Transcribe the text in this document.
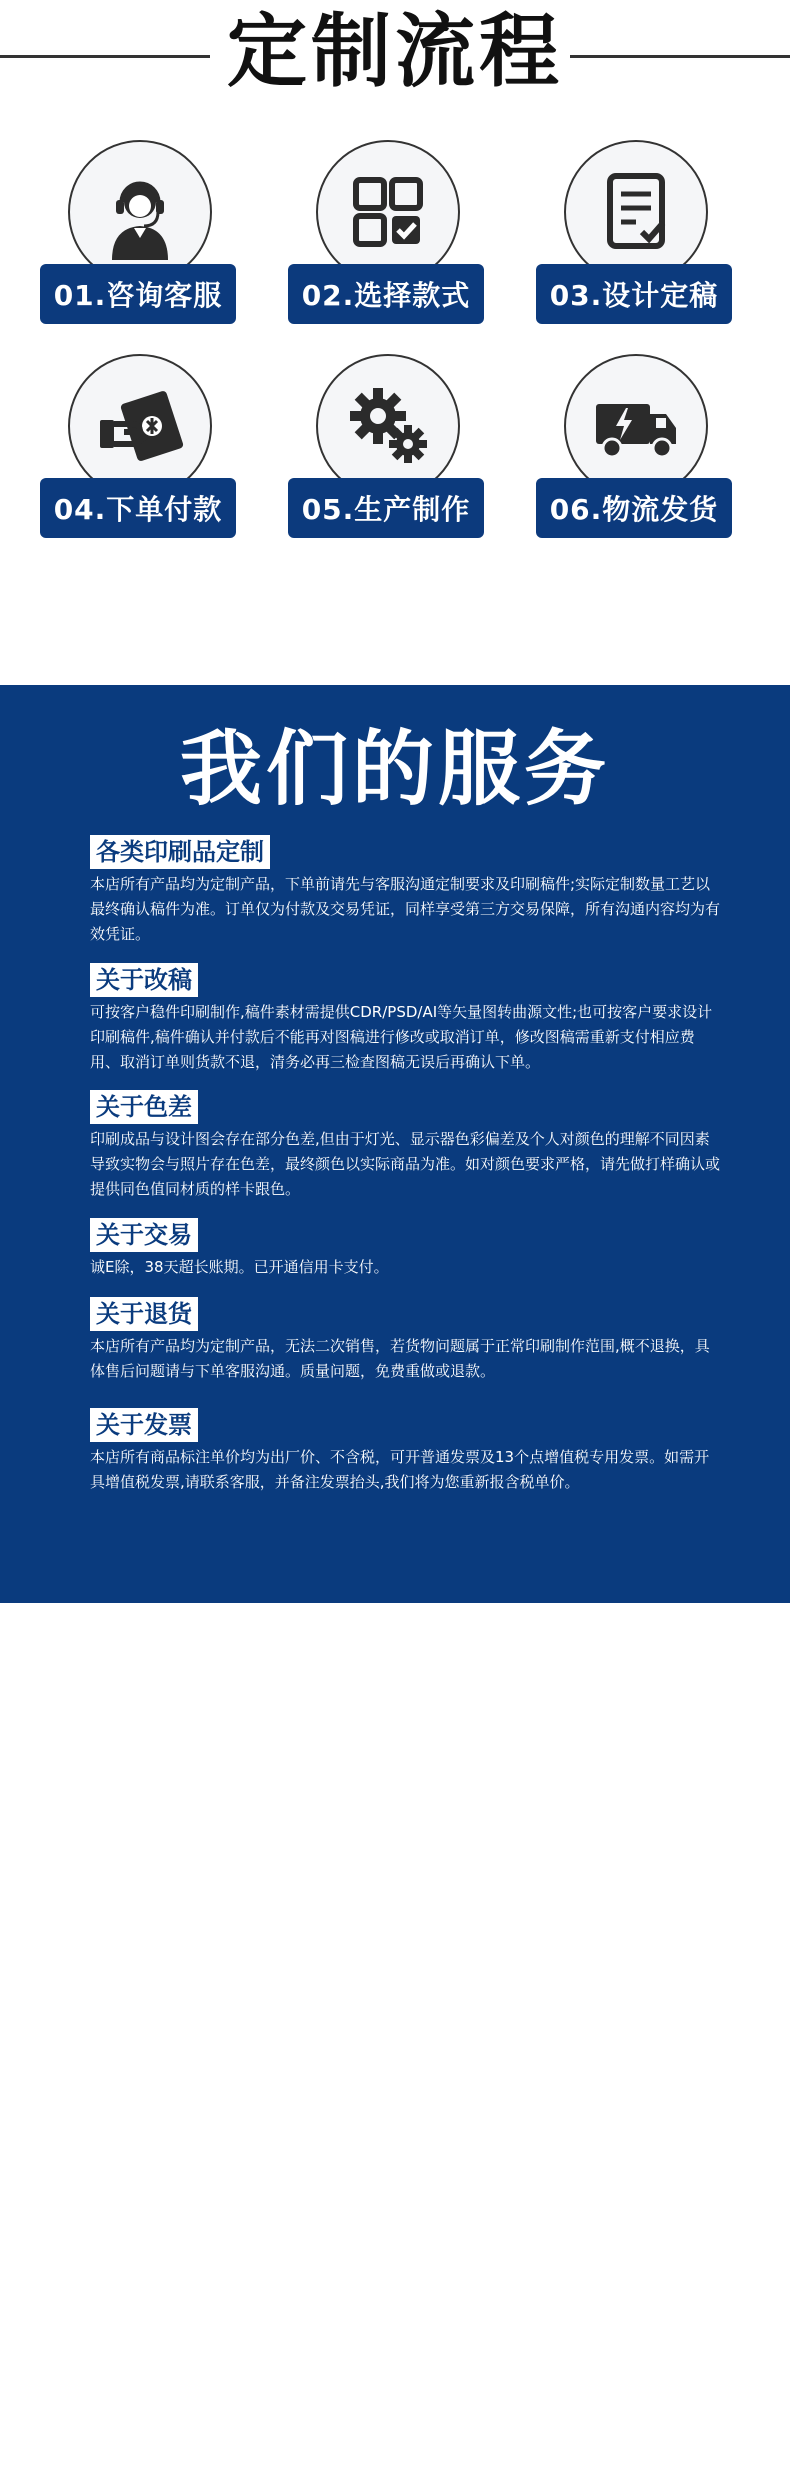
定制流程
01.咨询客服	02.选择款式	03.设计定稿
04.下单付款	05.生产制作	06.物流发货
我们的服务
各类印刷品定制
本店所有产品均为定制产品，下单前请先与客服沟通定制要求及印刷稿件;实际定制数量工艺以最终确认稿件为准。订单仅为付款及交易凭证，同样享受第三方交易保障，所有沟通内容均为有效凭证。
关于改稿
可按客户稳件印刷制作,稿件素材需提供CDR/PSD/AI等矢量图转曲源文性;也可按客户要求设计印刷稿件,稿件确认并付款后不能再对图稿进行修改或取消订单，修改图稿需重新支付相应费用、取消订单则货款不退，清务必再三检查图稿无误后再确认下单。
关于色差
印刷成品与设计图会存在部分色差,但由于灯光、显示器色彩偏差及个人对颜色的理解不同因素导致实物会与照片存在色差，最终颜色以实际商品为准。如对颜色要求严格，请先做打样确认或提供同色值同材质的样卡跟色。
关于交易
诚E除，38天超长账期。已开通信用卡支付。
关于退货
本店所有产品均为定制产品，无法二次销售，若货物问题属于正常印刷制作范围,概不退换，具体售后问题请与下单客服沟通。质量问题，免费重做或退款。
关于发票
本店所有商品标注单价均为出厂价、不含税，可开普通发票及13个点增值税专用发票。如需开具增值税发票,请联系客服，并备注发票抬头,我们将为您重新报含税单价。
